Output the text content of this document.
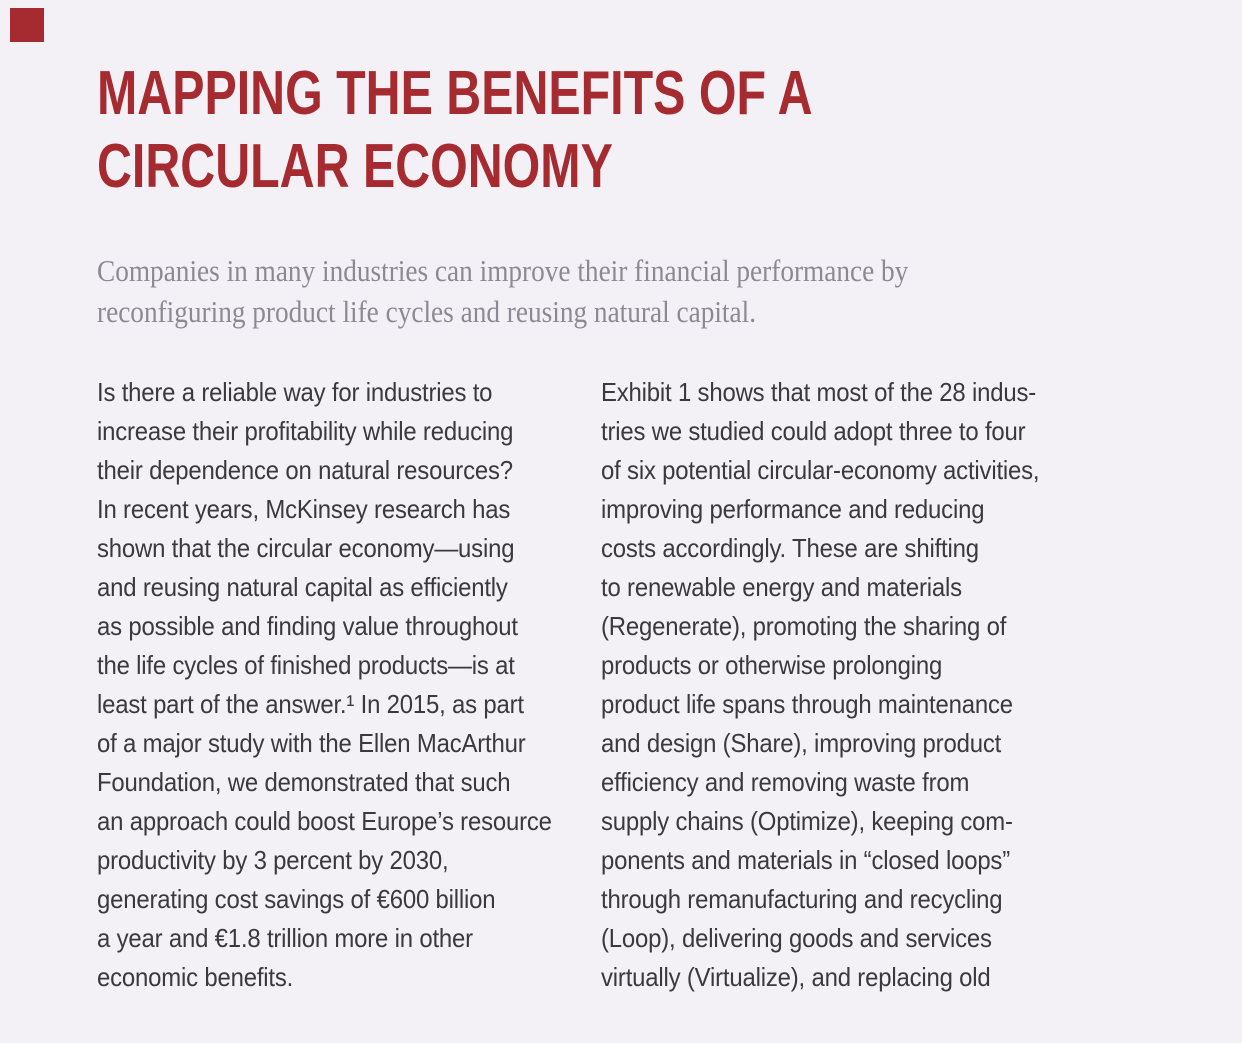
MAPPING THE BENEFITS OF A
CIRCULAR ECONOMY
Companies in many industries can improve their financial performance by
reconfiguring product life cycles and reusing natural capital.
Is there a reliable way for industries to
increase their profitability while reducing
their dependence on natural resources?
In recent years, McKinsey research has
shown that the circular economy—using
and reusing natural capital as efficiently
as possible and finding value throughout
the life cycles of finished products—is at
least part of the answer.¹ In 2015, as part
of a major study with the Ellen MacArthur
Foundation, we demonstrated that such
an approach could boost Europe’s resource
productivity by 3 percent by 2030,
generating cost savings of €600 billion
a year and €1.8 trillion more in other
economic benefits.
Exhibit 1 shows that most of the 28 indus-
tries we studied could adopt three to four
of six potential circular-economy activities,
improving performance and reducing
costs accordingly. These are shifting
to renewable energy and materials
(Regenerate), promoting the sharing of
products or otherwise prolonging
product life spans through maintenance
and design (Share), improving product
efficiency and removing waste from
supply chains (Optimize), keeping com-
ponents and materials in “closed loops”
through remanufacturing and recycling
(Loop), delivering goods and services
virtually (Virtualize), and replacing old
